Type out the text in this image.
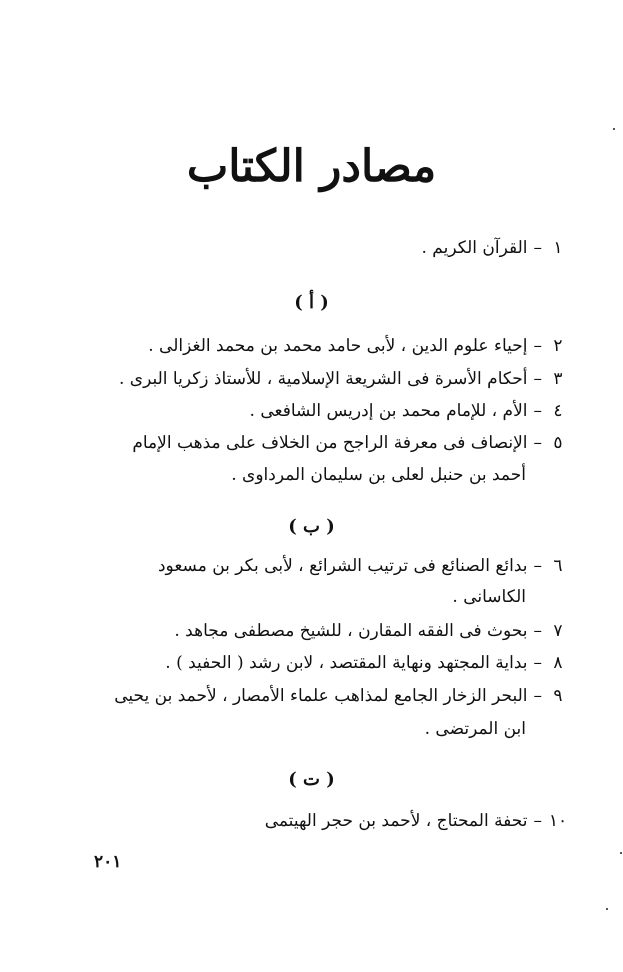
مصادر الكتاب
١–القرآن الكريم .
( أ )
٢–إحياء علوم الدين ، لأبى حامد محمد بن محمد الغزالى .
٣–أحكام الأسرة فى الشريعة الإسلامية ، للأستاذ زكريا البرى .
٤–الأم ، للإمام محمد بن إدريس الشافعى .
٥–الإنصاف فى معرفة الراجح من الخلاف على مذهب الإمام
أحمد بن حنبل لعلى بن سليمان المرداوى .
( ب )
٦–بدائع الصنائع فى ترتيب الشرائع ، لأبى بكر بن مسعود
الكاسانى .
٧–بحوث فى الفقه المقارن ، للشيخ مصطفى مجاهد .
٨–بداية المجتهد ونهاية المقتصد ، لابن رشد ( الحفيد ) .
٩–البحر الزخار الجامع لمذاهب علماء الأمصار ، لأحمد بن يحيى
ابن المرتضى .
( ت )
١٠–تحفة المحتاج ، لأحمد بن حجر الهيتمى
٢٠١
